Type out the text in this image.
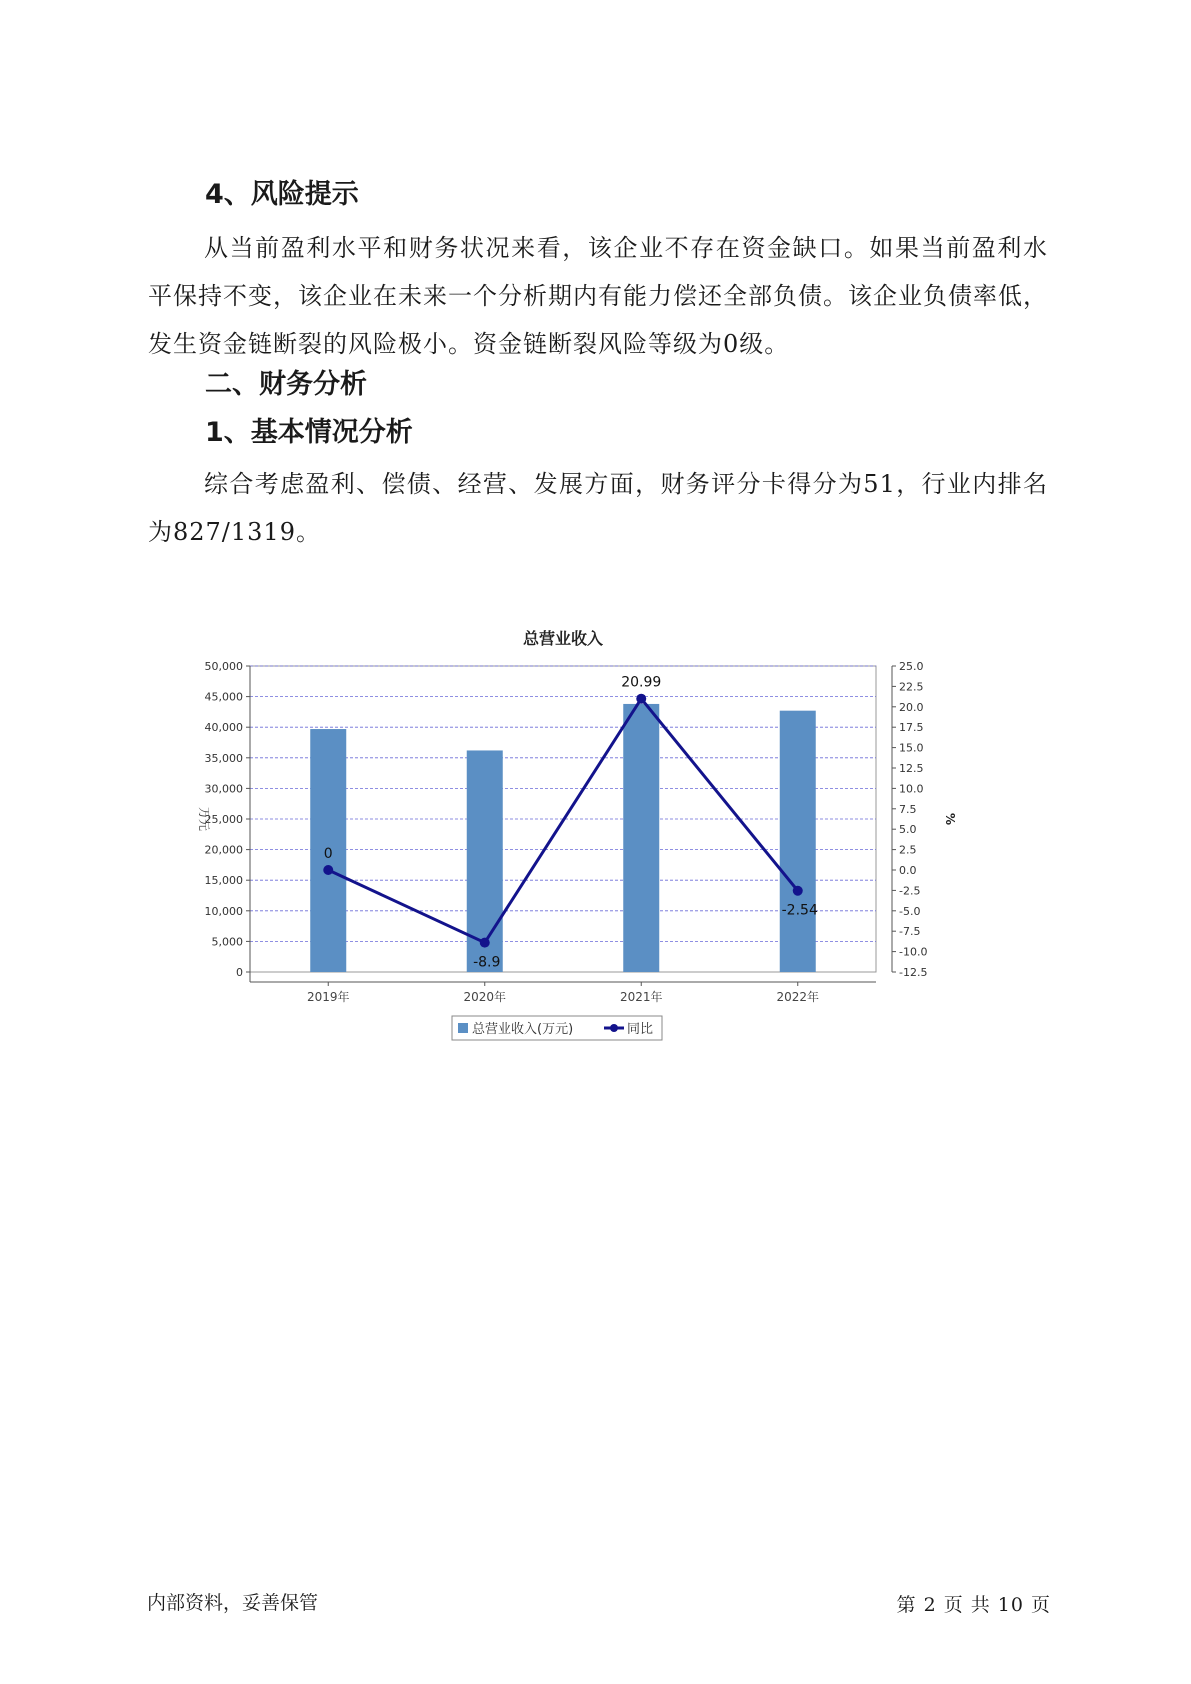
4、风险提示

从当前盈利水平和财务状况来看，该企业不存在资金缺口。如果当前盈利水平保持不变，该企业在未来一个分析期内有能力偿还全部负债。该企业负债率低，发生资金链断裂的风险极小。资金链断裂风险等级为0级。

二、财务分析
1、基本情况分析

综合考虑盈利、偿债、经营、发展方面，财务评分卡得分为51，行业内排名为827/1319。

总营业收入
0
5,000
10,000
15,000
20,000
25,000
30,000
35,000
40,000
45,000
50,000
-12.5
-10.0
-7.5
-5.0
-2.5
0.0
2.5
5.0
7.5
10.0
12.5
15.0
17.5
20.0
22.5
25.0
万元	%
2019年	2020年	2021年	2022年
0
-8.9
20.99
-2.54
总营业收入(万元)	同比
内部资料，妥善保管	第 2 页 共 10 页
